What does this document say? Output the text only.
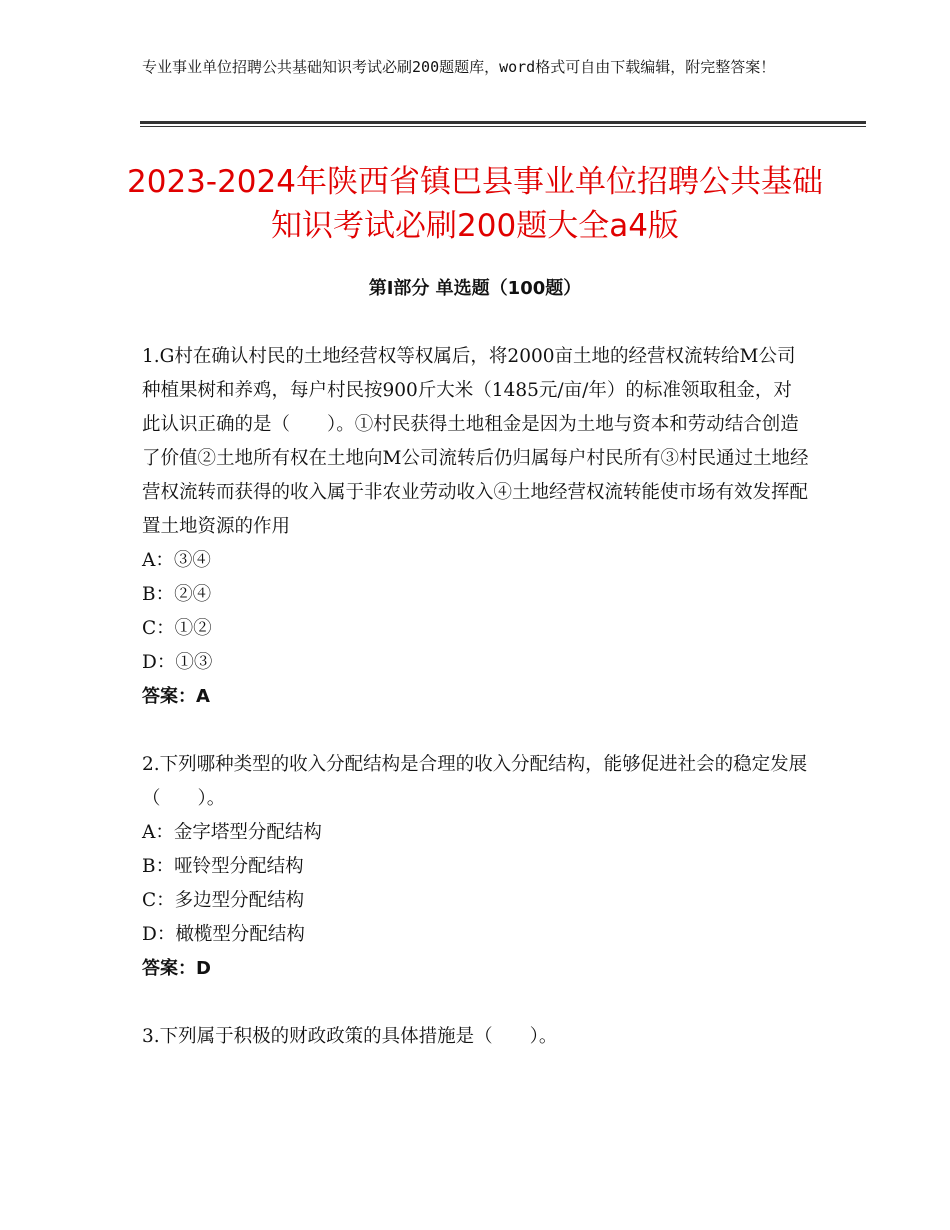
专业事业单位招聘公共基础知识考试必刷200题题库，word格式可自由下载编辑，附完整答案！
2023-2024年陕西省镇巴县事业单位招聘公共基础知识考试必刷200题大全a4版
第Ⅰ部分 单选题（100题）

1.G村在确认村民的土地经营权等权属后，将2000亩土地的经营权流转给M公司种植果树和养鸡，每户村民按900斤大米（1485元/亩/年）的标准领取租金，对此认识正确的是（　　）。①村民获得土地租金是因为土地与资本和劳动结合创造了价值②土地所有权在土地向M公司流转后仍归属每户村民所有③村民通过土地经营权流转而获得的收入属于非农业劳动收入④土地经营权流转能使市场有效发挥配置土地资源的作用

A：③④

B：②④

C：①②

D：①③

答案：A

2.下列哪种类型的收入分配结构是合理的收入分配结构，能够促进社会的稳定发展（　　）。

A：金字塔型分配结构

B：哑铃型分配结构

C：多边型分配结构

D：橄榄型分配结构

答案：D

3.下列属于积极的财政政策的具体措施是（　　）。
